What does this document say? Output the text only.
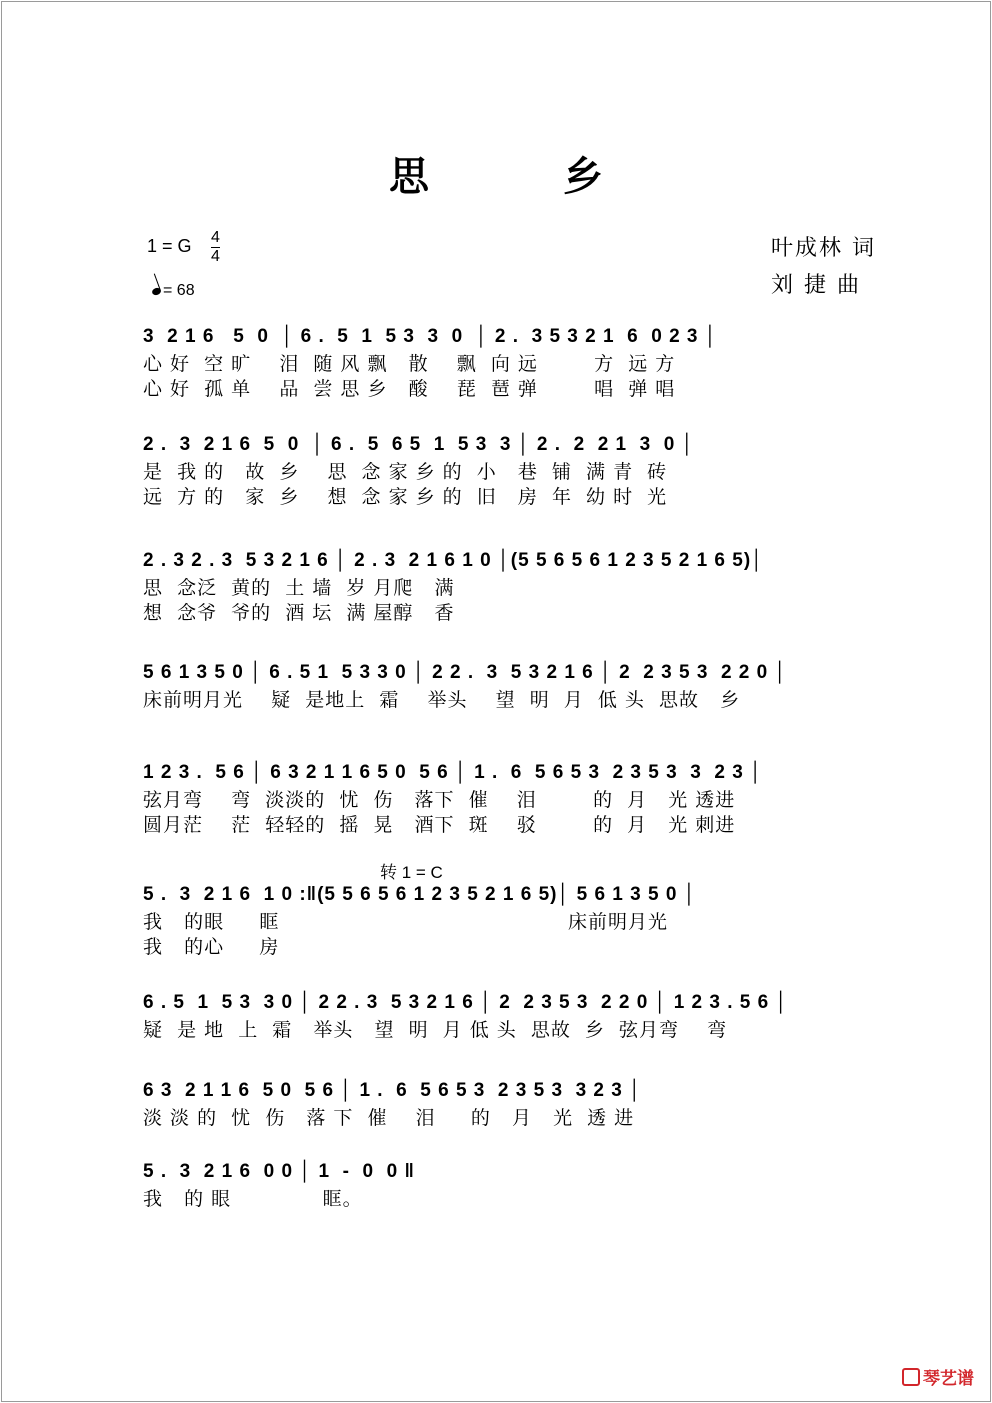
思 乡
1 = G 4
4
= 68
叶成林 词
刘 捷 曲
转 1 = C
3  2 1 6   5  0  │ 6 .  5  1  5 3  3  0  │ 2 .  3 5 3 2 1  6  0 2 3 │
心 好  空 旷    泪  随 风 飘   散    飘  向 远        方  远 方
心 好  孤 单    品  尝 思 乡   酸    琵  琶 弹        唱  弹 唱
2 .  3  2 1 6  5  0  │ 6 .  5  6 5  1  5 3  3 │ 2 .  2  2 1  3  0 │
是  我 的   故  乡    思  念 家 乡 的  小   巷  铺  满 青  砖
远  方 的   家  乡    想  念 家 乡 的  旧   房  年  幼 时  光
2 . 3 2 . 3  5 3 2 1 6 │ 2 . 3  2 1 6 1 0 │(5 5 6 5 6 1 2 3 5 2 1 6 5)│
思  念泛  黄的  土 墙  岁 月爬   满
想  念爷  爷的  酒 坛  满 屋醇   香
5 6 1 3 5 0 │ 6 . 5 1  5 3 3 0 │ 2 2 .  3  5 3 2 1 6 │ 2  2 3 5 3  2 2 0 │
床前明月光    疑  是地上  霜    举头    望  明  月  低 头  思故   乡
1 2 3 .  5 6 │ 6 3 2 1 1 6 5 0  5 6 │ 1 .  6  5 6 5 3  2 3 5 3  3  2 3 │
弦月弯    弯  淡淡的  忧  伤   落下  催    泪        的  月   光 透进
圆月茫    茫  轻轻的  摇  晃   酒下  斑    驳        的  月   光 刺进
5 .  3  2 1 6  1 0 :‖(5 5 6 5 6 1 2 3 5 2 1 6 5)│ 5 6 1 3 5 0 │
我   的眼     眶                                         床前明月光
我   的心     房
6 . 5  1  5 3  3 0 │ 2 2 . 3  5 3 2 1 6 │ 2  2 3 5 3  2 2 0 │ 1 2 3 . 5 6 │
疑  是 地  上  霜   举头   望  明  月 低 头  思故  乡  弦月弯    弯
6 3  2 1 1 6  5 0  5 6 │ 1 .  6  5 6 5 3  2 3 5 3  3 2 3 │
淡 淡 的  忧  伤   落 下  催    泪     的   月   光  透 进
5 .  3  2 1 6  0 0 │ 1  -  0  0 ‖
我   的 眼             眶。
琴艺谱
